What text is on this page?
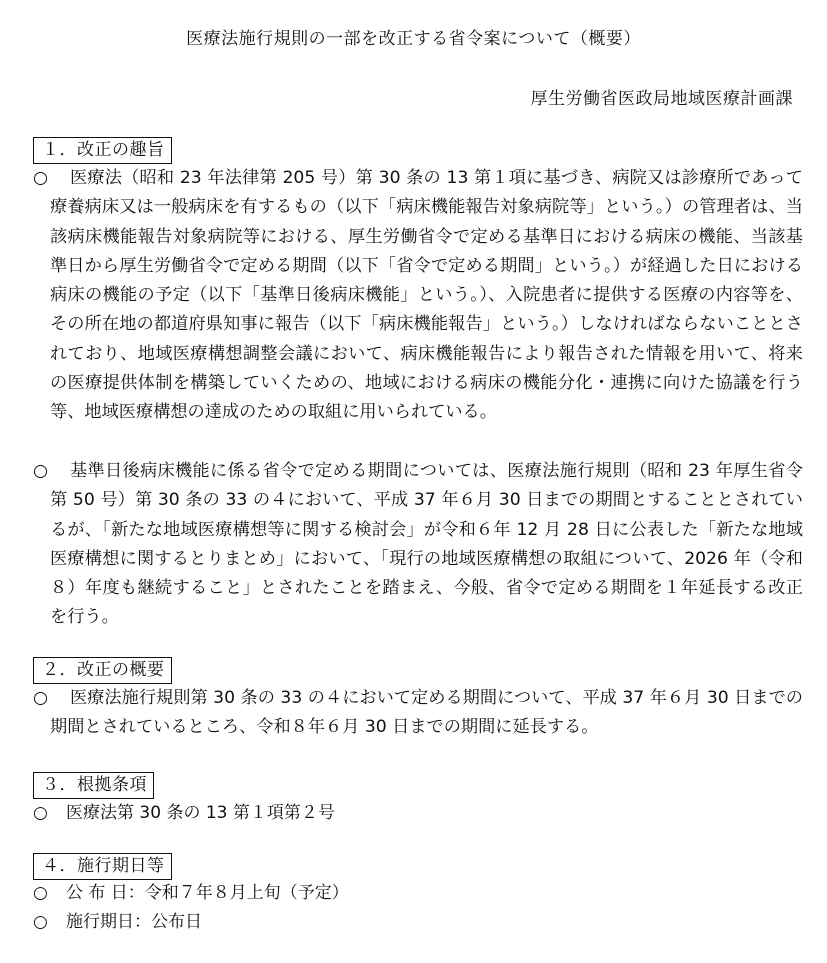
医療法施行規則の一部を改正する省令案について（概要）
厚生労働省医政局地域医療計画課
１．改正の趣旨
○	医療法（昭和 23 年法律第 205 号）第 30 条の 13 第１項に基づき、病院又は診療所であって療養病床又は一般病床を有するもの（以下「病床機能報告対象病院等」という。）の管理者は、当該病床機能報告対象病院等における、厚生労働省令で定める基準日における病床の機能、当該基準日から厚生労働省令で定める期間（以下「省令で定める期間」という。）が経過した日における病床の機能の予定（以下「基準日後病床機能」という。）、入院患者に提供する医療の内容等を、その所在地の都道府県知事に報告（以下「病床機能報告」という。）しなければならないこととされており、地域医療構想調整会議において、病床機能報告により報告された情報を用いて、将来の医療提供体制を構築していくための、地域における病床の機能分化・連携に向けた協議を行う等、地域医療構想の達成のための取組に用いられている。
○	基準日後病床機能に係る省令で定める期間については、医療法施行規則（昭和 23 年厚生省令第 50 号）第 30 条の 33 の４において、平成 37 年６月 30 日までの期間とすることとされているが、「新たな地域医療構想等に関する検討会」が令和６年 12 月 28 日に公表した「新たな地域医療構想に関するとりまとめ」において、「現行の地域医療構想の取組について、2026 年（令和８）年度も継続すること」とされたことを踏まえ、今般、省令で定める期間を１年延長する改正を行う。
２．改正の概要
○	医療法施行規則第 30 条の 33 の４において定める期間について、平成 37 年６月 30 日までの期間とされているところ、令和８年６月 30 日までの期間に延長する。
３．根拠条項
○ 医療法第 30 条の 13 第１項第２号
４．施行期日等
○ 公 布 日：令和７年８月上旬（予定）
○ 施行期日：公布日
